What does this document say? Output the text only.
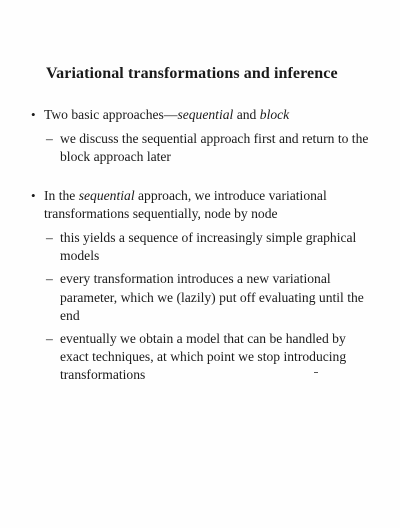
Variational transformations and inference
• Two basic approaches—sequential and block
– we discuss the sequential approach first and return to the block approach later
• In the sequential approach, we introduce variational transformations sequentially, node by node
– this yields a sequence of increasingly simple graphical models
– every transformation introduces a new variational parameter, which we (lazily) put off evaluating until the end
– eventually we obtain a model that can be handled by exact techniques, at which point we stop introducing transformations
